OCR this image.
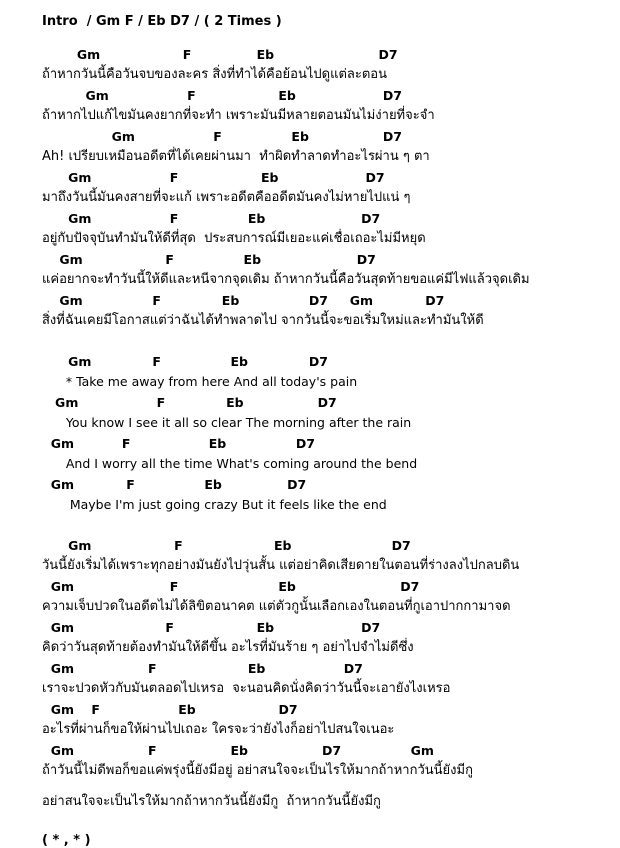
Intro  / Gm F / Eb D7 / ( 2 Times )
Gm                   F               Eb                        D7
ถ้าหากวันนี้คือวันจบของละคร สิ่งที่ทำได้คือย้อนไปดูแต่ละตอน
Gm                  F                   Eb                    D7
ถ้าหากไปแก้ไขมันคงยากที่จะทำ เพราะมันมีหลายตอนมันไม่ง่ายที่จะจำ
Gm                  F                Eb                 D7
Ah! เปรียบเหมือนอดีตที่ได้เคยผ่านมา  ทำผิดทำลาดทำอะไรผ่าน ๆ ตา
Gm                  F                   Eb                    D7
มาถึงวันนี้มันคงสายที่จะแก้ เพราะอดีตคืออดีตมันคงไม่หายไปแน่ ๆ
Gm                  F                Eb                      D7
อยู่กับปัจจุบันทำมันให้ดีที่สุด  ประสบการณ์มีเยอะแค่เชื่อเถอะไม่มีหยุด
Gm                   F                Eb                      D7
แค่อยากจะทำวันนี้ให้ดีและหนีจากจุดเดิม ถ้าหากวันนี้คือวันสุดท้ายขอแค่มีไฟแล้วจุดเดิม
Gm                F              Eb                D7     Gm            D7
สิ่งที่ฉันเคยมีโอกาสแต่ว่าฉันได้ทำพลาดไป จากวันนี้จะขอเริ่มใหม่และทำมันให้ดี
Gm              F                Eb              D7
* Take me away from here And all today's pain
Gm                  F              Eb                 D7
You know I see it all so clear The morning after the rain
Gm           F                  Eb                D7
And I worry all the time What's coming around the bend
Gm            F                Eb               D7
Maybe I'm just going crazy But it feels like the end
Gm                   F                     Eb                       D7
วันนี้ยังเริ่มได้เพราะทุกอย่างมันยังไปวุ่นสั้น แต่อย่าคิดเสียดายในตอนที่ร่างลงไปกลบดิน
Gm                      F                       Eb                        D7
ความเจ็บปวดในอดีตไม่ได้ลิขิตอนาคต แต่ตัวกูนั้นเลือกเองในตอนที่กูเอาปากกามาจด
Gm                     F                   Eb                    D7
คิดว่าวันสุดท้ายต้องทำมันให้ดีขึ้น อะไรที่มันร้าย ๆ อย่าไปจำไม่ดีซึ่ง
Gm                 F                     Eb                  D7
เราจะปวดหัวกับมันตลอดไปเหรอ  จะนอนคิดนั่งคิดว่าวันนี้จะเอายังไงเหรอ
Gm    F                  Eb                   D7
อะไรที่ผ่านก็ขอให้ผ่านไปเถอะ ใครจะว่ายังไงก็อย่าไปสนใจเนอะ
Gm                 F                 Eb                 D7                Gm
ถ้าวันนี้ไม่ดีพอก็ขอแค่พรุ่งนี้ยังมีอยู่ อย่าสนใจจะเป็นไรให้มากถ้าหากวันนี้ยังมีกู
อย่าสนใจจะเป็นไรให้มากถ้าหากวันนี้ยังมีกู  ถ้าหากวันนี้ยังมีกู
( * , * )
